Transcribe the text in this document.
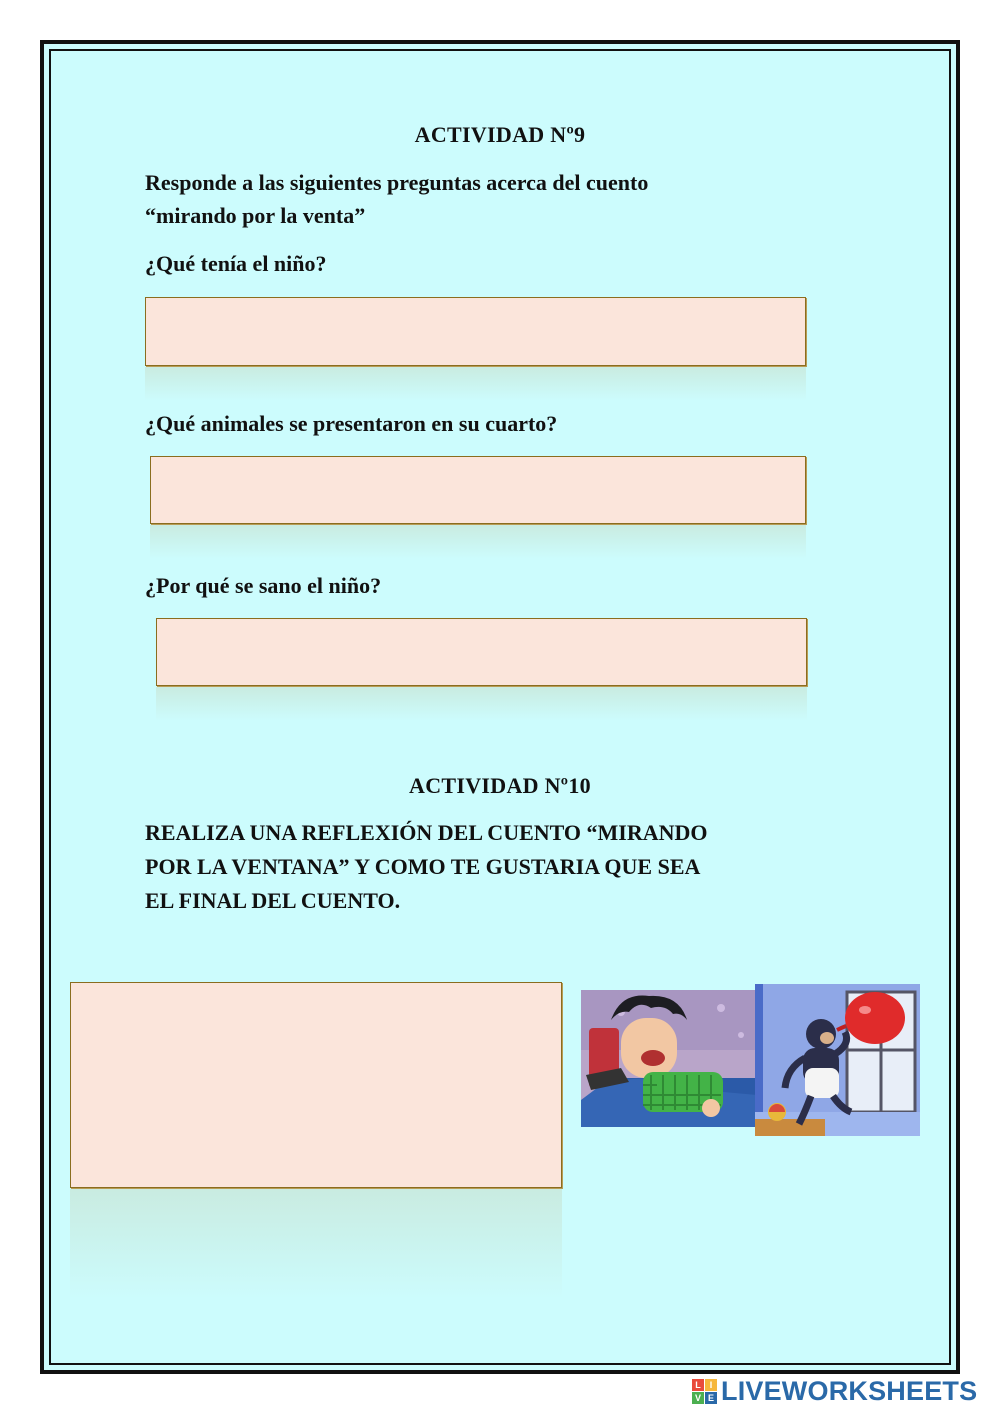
ACTIVIDAD Nº9
Responde a las siguientes preguntas acerca del cuento
“mirando por la venta”
¿Qué tenía el niño?
¿Qué animales se presentaron en su cuarto?
¿Por qué se sano el niño?
ACTIVIDAD Nº10
REALIZA UNA REFLEXIÓN DEL CUENTO “MIRANDO
POR LA VENTANA” Y COMO TE GUSTARIA QUE SEA
EL FINAL DEL CUENTO.
L I
V E LIVEWORKSHEETS
